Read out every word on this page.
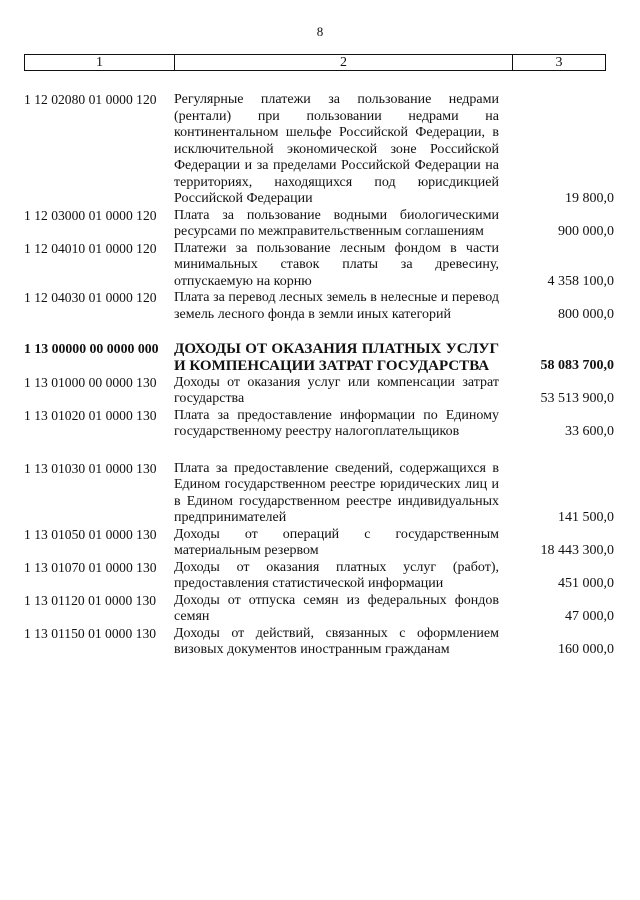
8
1	2	3
1 12 02080 01 0000 120	Регулярные платежи за пользование недрами (рентали) при пользовании недрами на континентальном шельфе Российской Федерации, в исключительной экономической зоне Российской Федерации и за пределами Российской Федерации на территориях, находящихся под юрисдикцией Российской Федерации	19 800,0
1 12 03000 01 0000 120	Плата за пользование водными биологическими ресурсами по межправительственным соглашениям	900 000,0
1 12 04010 01 0000 120	Платежи за пользование лесным фондом в части минимальных ставок платы за древесину, отпускаемую на корню	4 358 100,0
1 12 04030 01 0000 120	Плата за перевод лесных земель в нелесные и перевод земель лесного фонда в земли иных категорий	800 000,0
1 13 00000 00 0000 000	ДОХОДЫ ОТ ОКАЗАНИЯ ПЛАТНЫХ УСЛУГ И КОМПЕНСАЦИИ ЗАТРАТ ГОСУДАРСТВА	58 083 700,0
1 13 01000 00 0000 130	Доходы от оказания услуг или компенсации затрат государства	53 513 900,0
1 13 01020 01 0000 130	Плата за предоставление информации по Единому государственному реестру налогоплательщиков	33 600,0
1 13 01030 01 0000 130	Плата за предоставление сведений, содержащихся в Едином государственном реестре юридических лиц и в Едином государственном реестре индивидуальных предпринимателей	141 500,0
1 13 01050 01 0000 130	Доходы от операций с государственным материальным резервом	18 443 300,0
1 13 01070 01 0000 130	Доходы от оказания платных услуг (работ), предоставления статистической информации	451 000,0
1 13 01120 01 0000 130	Доходы от отпуска семян из федеральных фондов семян	47 000,0
1 13 01150 01 0000 130	Доходы от действий, связанных с оформлением визовых документов иностранным гражданам	160 000,0
